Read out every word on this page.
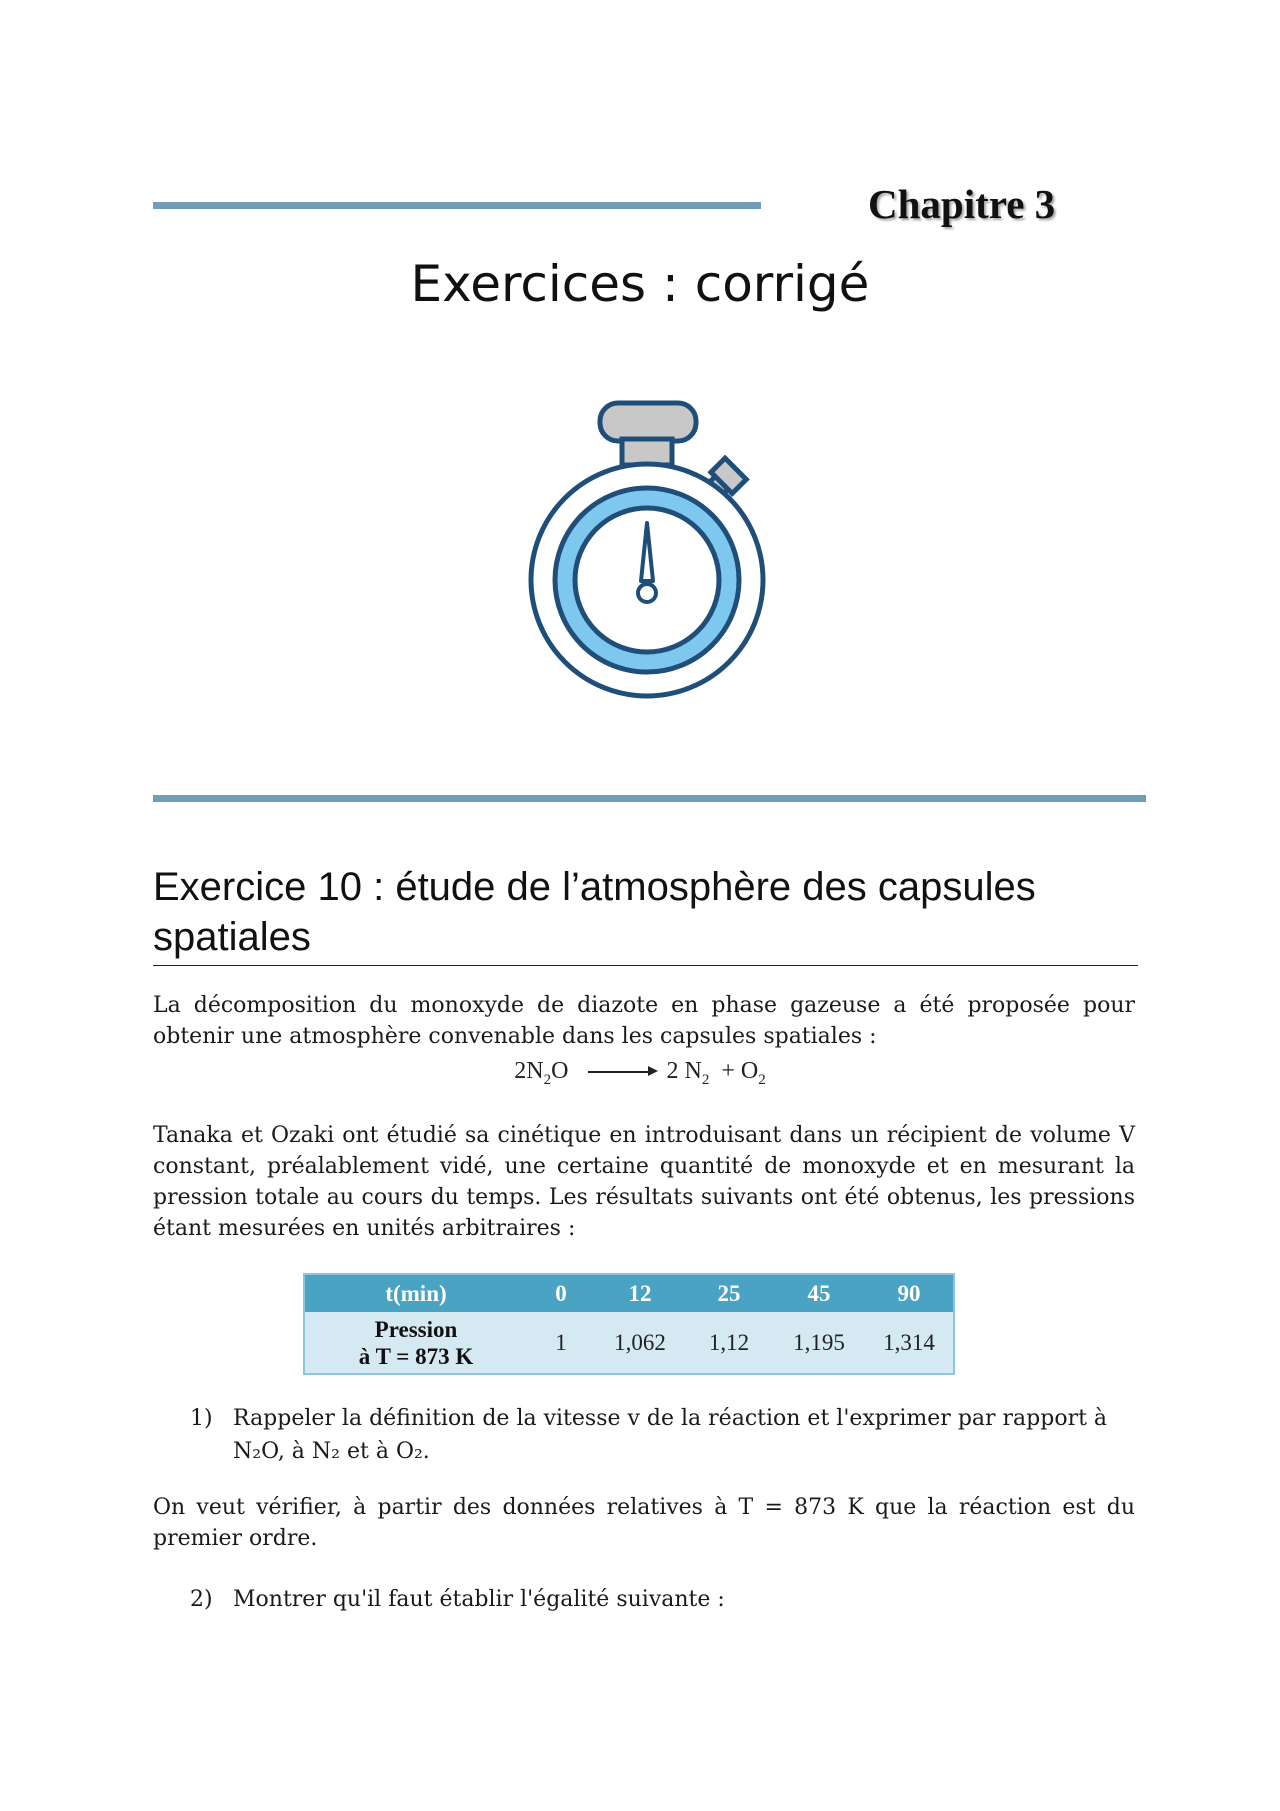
Chapitre 3
Exercices : corrigé
Exercice 10 : étude de l’atmosphère des capsules spatiales
La décomposition du monoxyde de diazote en phase gazeuse a été proposée pour obtenir une atmosphère convenable dans les capsules spatiales :
$2N_2O$	2 $N_2 + O_2$
Tanaka et Ozaki ont étudié sa cinétique en introduisant dans un récipient de volume V constant, préalablement vidé, une certaine quantité de monoxyde et en mesurant la pression totale au cours du temps. Les résultats suivants ont été obtenus, les pressions étant mesurées en unités arbitraires :
t(min)	0	12	25	45	90
Pression
à T = 873 K	1	1,062	1,12	1,195	1,314
1) Rappeler la définition de la vitesse v de la réaction et l'exprimer par rapport à N₂O, à N₂ et à O₂.
On veut vérifier, à partir des données relatives à T = 873 K que la réaction est du premier ordre.
2) Montrer qu'il faut établir l'égalité suivante :
